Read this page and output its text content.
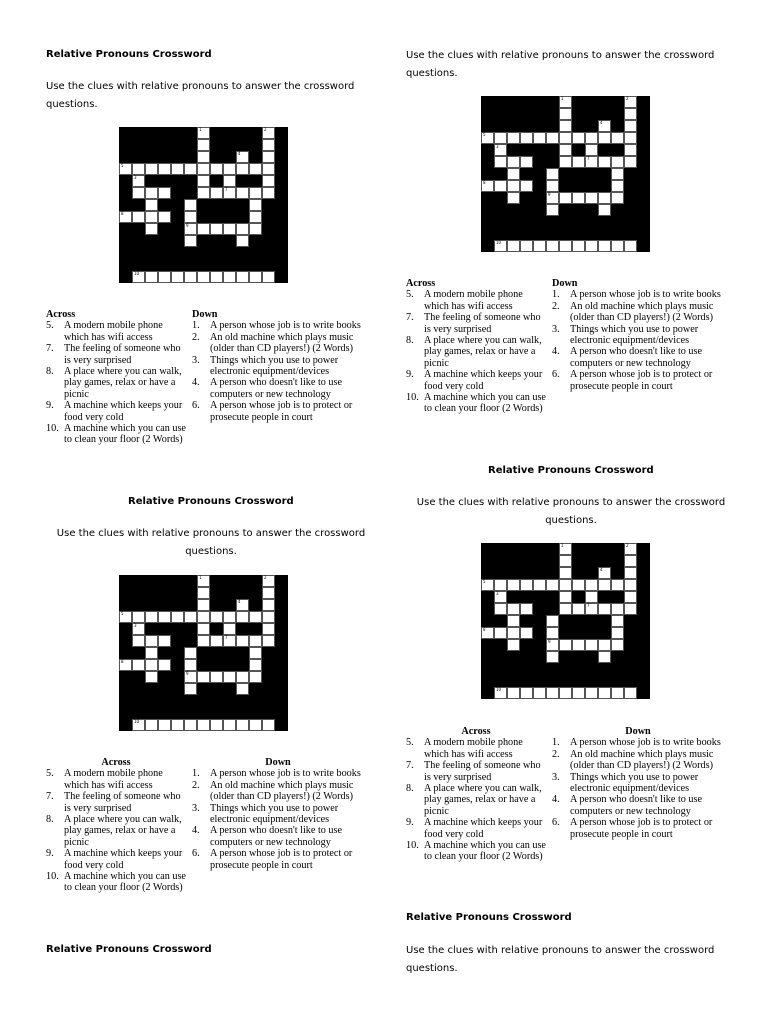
Relative Pronouns Crossword
Use the clues with relative pronouns to answer the crossword questions.
1	2
4
5
3
7
8
9
10
Across
5.	A modern mobile phone which has wifi access
7.	The feeling of someone who is very surprised
8.	A place where you can walk, play games, relax or have a picnic
9.	A machine which keeps your food very cold
10. A machine which you can use to clean your floor (2 Words)
Down
1.	A person whose job is to write books
2.	An old machine which plays music (older than CD players!) (2 Words)
3.	Things which you use to power electronic equipment/devices
4.	A person who doesn't like to use computers or new technology
6.	A person whose job is to protect or prosecute people in court
Relative Pronouns Crossword
Use the clues with relative pronouns to answer the crossword questions.
1	2
4
5
3
7
8
9
10
Across
5.	A modern mobile phone which has wifi access
7.	The feeling of someone who is very surprised
8.	A place where you can walk, play games, relax or have a picnic
9.	A machine which keeps your food very cold
10. A machine which you can use to clean your floor (2 Words)
Down
1.	A person whose job is to write books
2.	An old machine which plays music (older than CD players!) (2 Words)
3.	Things which you use to power electronic equipment/devices
4.	A person who doesn't like to use computers or new technology
6.	A person whose job is to protect or prosecute people in court
Relative Pronouns Crossword
Use the clues with relative pronouns to answer the crossword questions.
1	2
4
5
3
7
8
9
10
Across
5.	A modern mobile phone which has wifi access
7.	The feeling of someone who is very surprised
8.	A place where you can walk, play games, relax or have a picnic
9.	A machine which keeps your food very cold
10. A machine which you can use to clean your floor (2 Words)
Down
1.	A person whose job is to write books
2.	An old machine which plays music (older than CD players!) (2 Words)
3.	Things which you use to power electronic equipment/devices
4.	A person who doesn't like to use computers or new technology
6.	A person whose job is to protect or prosecute people in court
Relative Pronouns Crossword
Use the clues with relative pronouns to answer the crossword questions.
1	2
4
5
3
7
8
9
10
Across
5.	A modern mobile phone which has wifi access
7.	The feeling of someone who is very surprised
8.	A place where you can walk, play games, relax or have a picnic
9.	A machine which keeps your food very cold
10. A machine which you can use to clean your floor (2 Words)
Down
1.	A person whose job is to write books
2.	An old machine which plays music (older than CD players!) (2 Words)
3.	Things which you use to power electronic equipment/devices
4.	A person who doesn't like to use computers or new technology
6.	A person whose job is to protect or prosecute people in court
Relative Pronouns Crossword
Use the clues with relative pronouns to answer the crossword questions.
